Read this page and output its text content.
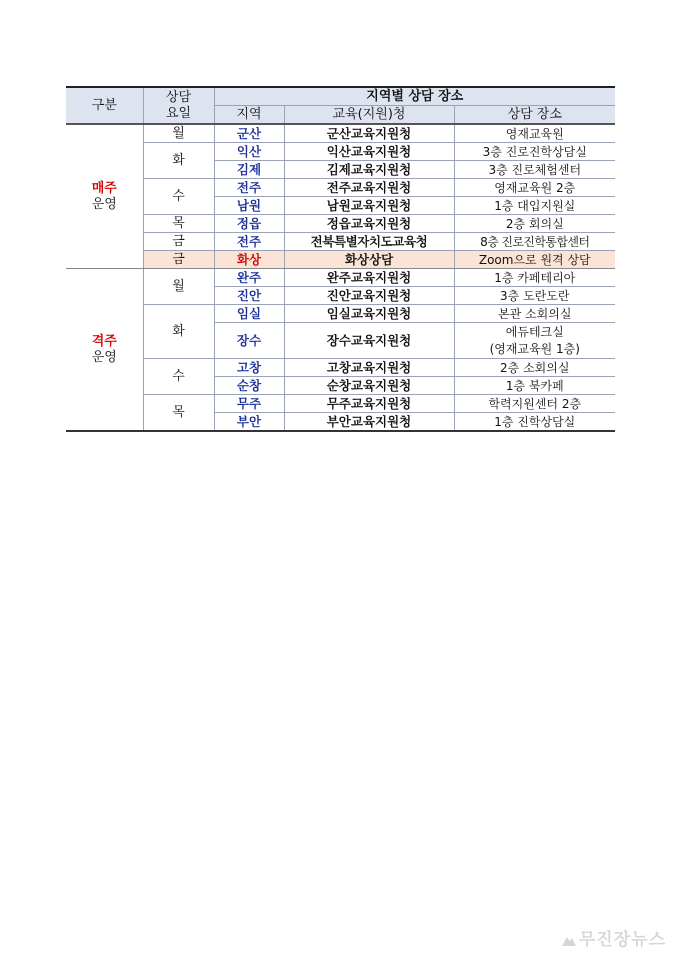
구분	상담
요일	지역별 상담 장소		
		지역	교육(지원)청	상담 장소

매주
운영	월	군산	군산교육지원청	영재교육원
	화	익산	익산교육지원청	3층 진로진학상담실
		김제	김제교육지원청	3층 진로체험센터
	수	전주	전주교육지원청	영재교육원 2층
		남원	남원교육지원청	1층 대입지원실
	목	정읍	정읍교육지원청	2층 회의실
	금	전주	전북특별자치도교육청	8층 진로진학통합센터
	금	화상	화상상담	Zoom으로 원격 상담

격주
운영	월	완주	완주교육지원청	1층 카페테리아
		진안	진안교육지원청	3층 도란도란
	화	임실	임실교육지원청	본관 소회의실
		장수	장수교육지원청	에듀테크실
				(영재교육원 1층)
	수	고창	고창교육지원청	2층 소회의실
		순창	순창교육지원청	1층 북카페
	목	무주	무주교육지원청	학력지원센터 2층
		부안	부안교육지원청	1층 진학상담실
무진장뉴스
